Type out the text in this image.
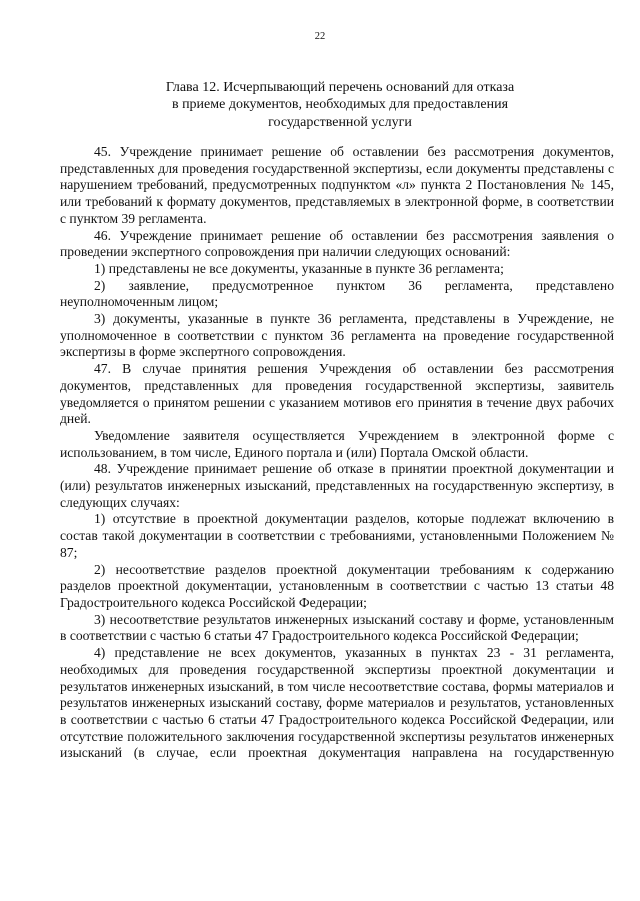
22
Глава 12. Исчерпывающий перечень оснований для отказа
в приеме документов, необходимых для предоставления
государственной услуги

45. Учреждение принимает решение об оставлении без рассмотрения документов, представленных для проведения государственной экспертизы, если документы представлены с нарушением требований, предусмотренных подпунктом «л» пункта 2 Постановления № 145, или требований к формату документов, представляемых в электронной форме, в соответствии с пунктом 39 регламента.

46. Учреждение принимает решение об оставлении без рассмотрения заявления о проведении экспертного сопровождения при наличии следующих оснований:

1) представлены не все документы, указанные в пункте 36 регламента;

2) заявление, предусмотренное пунктом 36 регламента, представлено неуполномоченным лицом;

3) документы, указанные в пункте 36 регламента, представлены в Учреждение, не уполномоченное в соответствии с пунктом 36 регламента на проведение государственной экспертизы в форме экспертного сопровождения.

47. В случае принятия решения Учреждения об оставлении без рассмотрения документов, представленных для проведения государственной экспертизы, заявитель уведомляется о принятом решении с указанием мотивов его принятия в течение двух рабочих дней.

Уведомление заявителя осуществляется Учреждением в электронной форме с использованием, в том числе, Единого портала и (или) Портала Омской области.

48. Учреждение принимает решение об отказе в принятии проектной документации и (или) результатов инженерных изысканий, представленных на государственную экспертизу, в следующих случаях:

1) отсутствие в проектной документации разделов, которые подлежат включению в состав такой документации в соответствии с требованиями, установленными Положением № 87;

2) несоответствие разделов проектной документации требованиям к содержанию разделов проектной документации, установленным в соответствии с частью 13 статьи 48 Градостроительного кодекса Российской Федерации;

3) несоответствие результатов инженерных изысканий составу и форме, установленным в соответствии с частью 6 статьи 47 Градостроительного кодекса Российской Федерации;

4) представление не всех документов, указанных в пунктах 23 - 31 регламента, необходимых для проведения государственной экспертизы проектной документации и результатов инженерных изысканий, в том числе несоответствие состава, формы материалов и результатов инженерных изысканий составу, форме материалов и результатов, установленных в соответствии с частью 6 статьи 47 Градостроительного кодекса Российской Федерации, или отсутствие положительного заключения государственной экспертизы результатов инженерных изысканий (в случае, если проектная документация направлена на государственную
